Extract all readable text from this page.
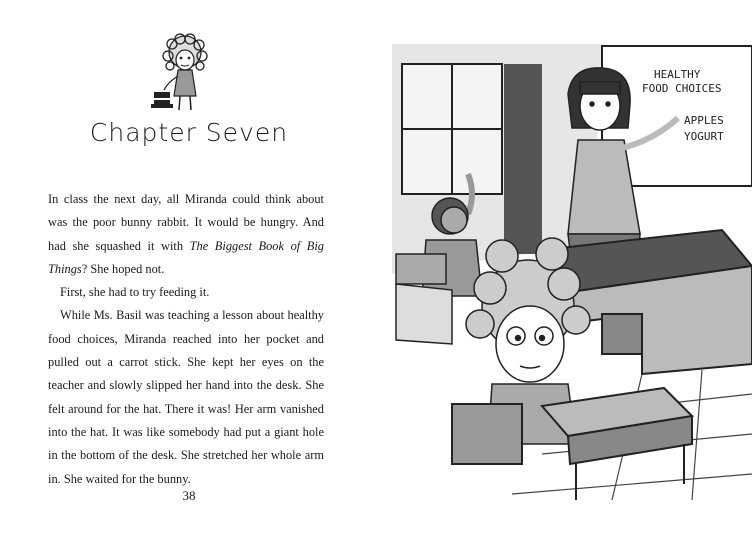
Chapter Seven

In class the next day, all Miranda could think about was the poor bunny rabbit. It would be hungry. And had she squashed it with The Biggest Book of Big Things? She hoped not.

First, she had to try feeding it.

While Ms. Basil was teaching a lesson about healthy food choices, Miranda reached into her pocket and pulled out a carrot stick. She kept her eyes on the teacher and slowly slipped her hand into the desk. She felt around for the hat. There it was! Her arm vanished into the hat. It was like somebody had put a giant hole in the bottom of the desk. She stretched her whole arm in. She waited for the bunny.

38
HEALTHY
FOOD CHOICES
APPLES
YOGURT
